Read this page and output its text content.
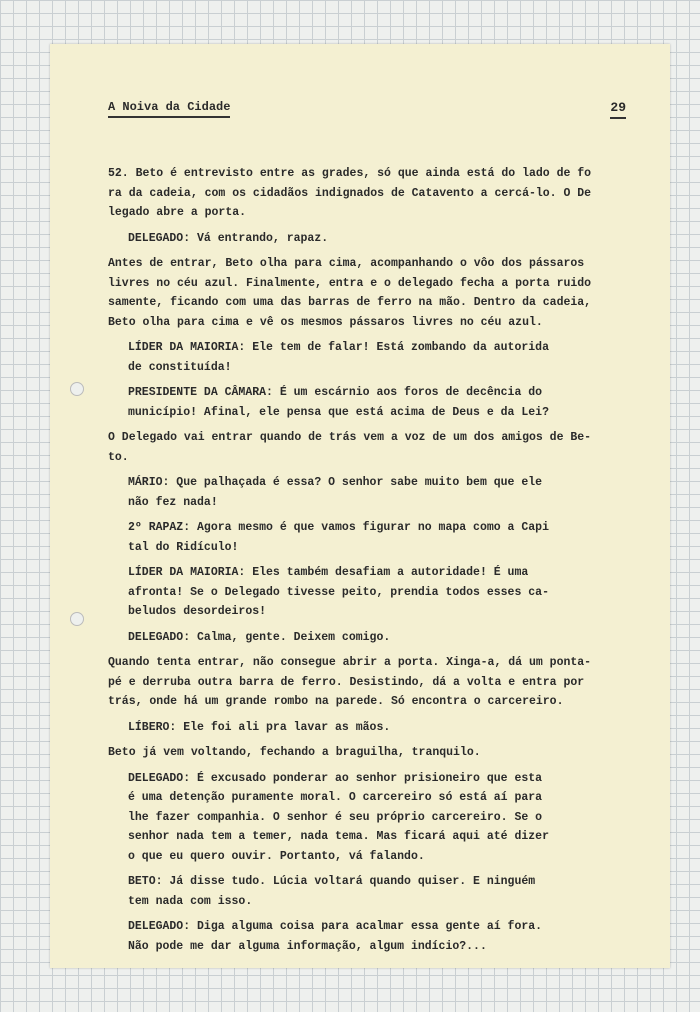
A Noiva da Cidade	29
52. Beto é entrevisto entre as grades, só que ainda está do lado de fo
ra da cadeia, com os cidadãos indignados de Catavento a cercá-lo. O De
legado abre a porta.
DELEGADO: Vá entrando, rapaz.
Antes de entrar, Beto olha para cima, acompanhando o vôo dos pássaros
livres no céu azul. Finalmente, entra e o delegado fecha a porta ruido
samente, ficando com uma das barras de ferro na mão. Dentro da cadeia,
Beto olha para cima e vê os mesmos pássaros livres no céu azul.
LÍDER DA MAIORIA: Ele tem de falar! Está zombando da autorida
de constituída!
PRESIDENTE DA CÂMARA: É um escárnio aos foros de decência do
município! Afinal, ele pensa que está acima de Deus e da Lei?
O Delegado vai entrar quando de trás vem a voz de um dos amigos de Be-
to.
MÁRIO: Que palhaçada é essa? O senhor sabe muito bem que ele
não fez nada!
2º RAPAZ: Agora mesmo é que vamos figurar no mapa como a Capi
tal do Ridículo!
LÍDER DA MAIORIA: Eles também desafiam a autoridade! É uma
afronta! Se o Delegado tivesse peito, prendia todos esses ca-
beludos desordeiros!
DELEGADO: Calma, gente. Deixem comigo.
Quando tenta entrar, não consegue abrir a porta. Xinga-a, dá um ponta-
pé e derruba outra barra de ferro. Desistindo, dá a volta e entra por
trás, onde há um grande rombo na parede. Só encontra o carcereiro.
LÍBERO: Ele foi ali pra lavar as mãos.
Beto já vem voltando, fechando a braguilha, tranquilo.
DELEGADO: É excusado ponderar ao senhor prisioneiro que esta
é uma detenção puramente moral. O carcereiro só está aí para
lhe fazer companhia. O senhor é seu próprio carcereiro. Se o
senhor nada tem a temer, nada tema. Mas ficará aqui até dizer
o que eu quero ouvir. Portanto, vá falando.
BETO: Já disse tudo. Lúcia voltará quando quiser. E ninguém
tem nada com isso.
DELEGADO: Diga alguma coisa para acalmar essa gente aí fora.
Não pode me dar alguma informação, algum indício?...
